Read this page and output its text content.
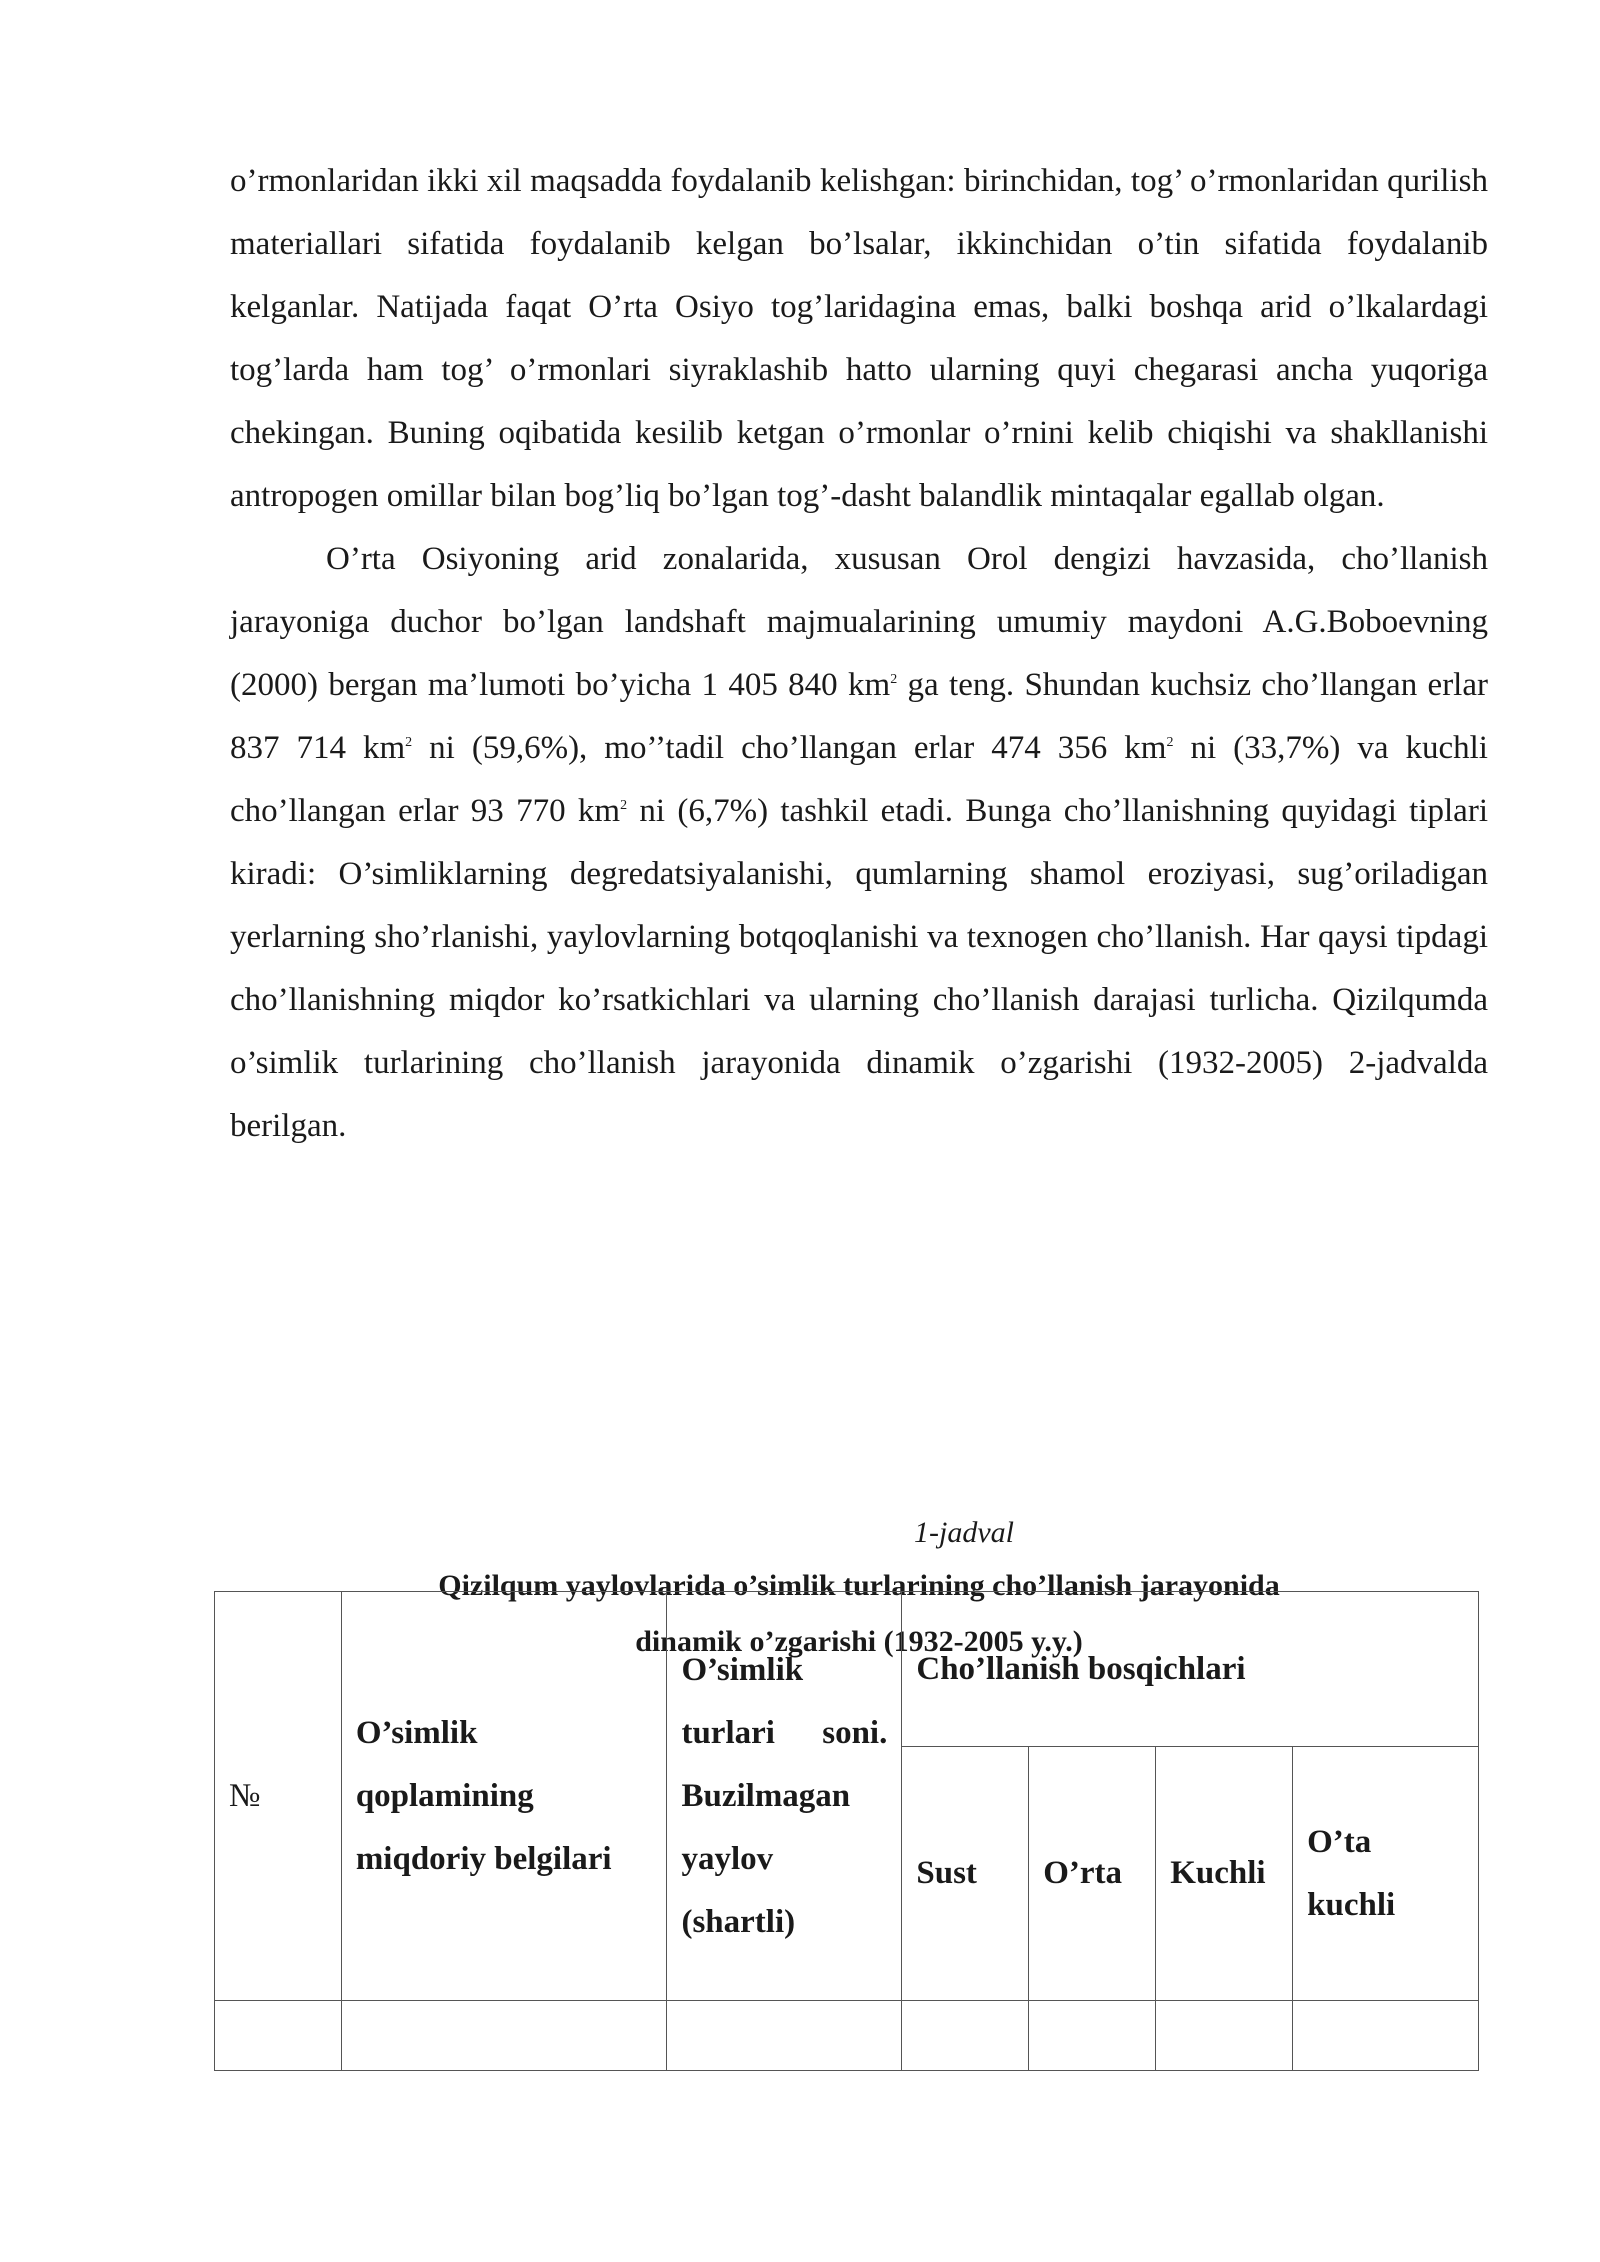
o’rmonlaridan ikki xil maqsadda foydalanib kelishgan: birinchidan, tog’ o’rmonlaridan qurilish materiallari sifatida foydalanib kelgan bo’lsalar, ikkinchidan o’tin sifatida foydalanib kelganlar. Natijada faqat O’rta Osiyo tog’laridagina emas, balki boshqa arid o’lkalardagi tog’larda ham tog’ o’rmonlari siyraklashib hatto ularning quyi chegarasi ancha yuqoriga chekingan. Buning oqibatida kesilib ketgan o’rmonlar o’rnini kelib chiqishi va shakllanishi antropogen omillar bilan bog’liq bo’lgan tog’-dasht balandlik mintaqalar egallab olgan.

O’rta Osiyoning arid zonalarida, xususan Orol dengizi havzasida, cho’llanish jarayoniga duchor bo’lgan landshaft majmualarining umumiy maydoni A.G.Boboevning (2000) bergan ma’lumoti bo’yicha 1 405 840 $km^2$ ga teng. Shundan kuchsiz cho’llangan erlar 837 714 $km^2$ ni (59,6%), mo’’tadil cho’llangan erlar 474 356 $km^2$ ni (33,7%) va kuchli cho’llangan erlar 93 770 $km^2$ ni (6,7%) tashkil etadi. Bunga cho’llanishning quyidagi tiplari kiradi: O’simliklarning degredatsiyalanishi, qumlarning shamol eroziyasi, sug’oriladigan yerlarning sho’rlanishi, yaylovlarning botqoqlanishi va texnogen cho’llanish. Har qaysi tipdagi cho’llanishning miqdor ko’rsatkichlari va ularning cho’llanish darajasi turlicha. Qizilqumda o’simlik turlarining cho’llanish jarayonida dinamik o’zgarishi (1932-2005) 2-jadvalda berilgan.

1-jadval
Qizilqum yaylovlarida o’simlik turlarining cho’llanish jarayonida
dinamik o’zgarishi (1932-2005 y.y.)
№	O’simlik qoplamining miqdoriy belgilari	O’simlik turlari soni. Buzilmagan yaylov (shartli)	Cho’llanish bosqichlari			
			Sust	O’rta	Kuchli	O’ta kuchli
